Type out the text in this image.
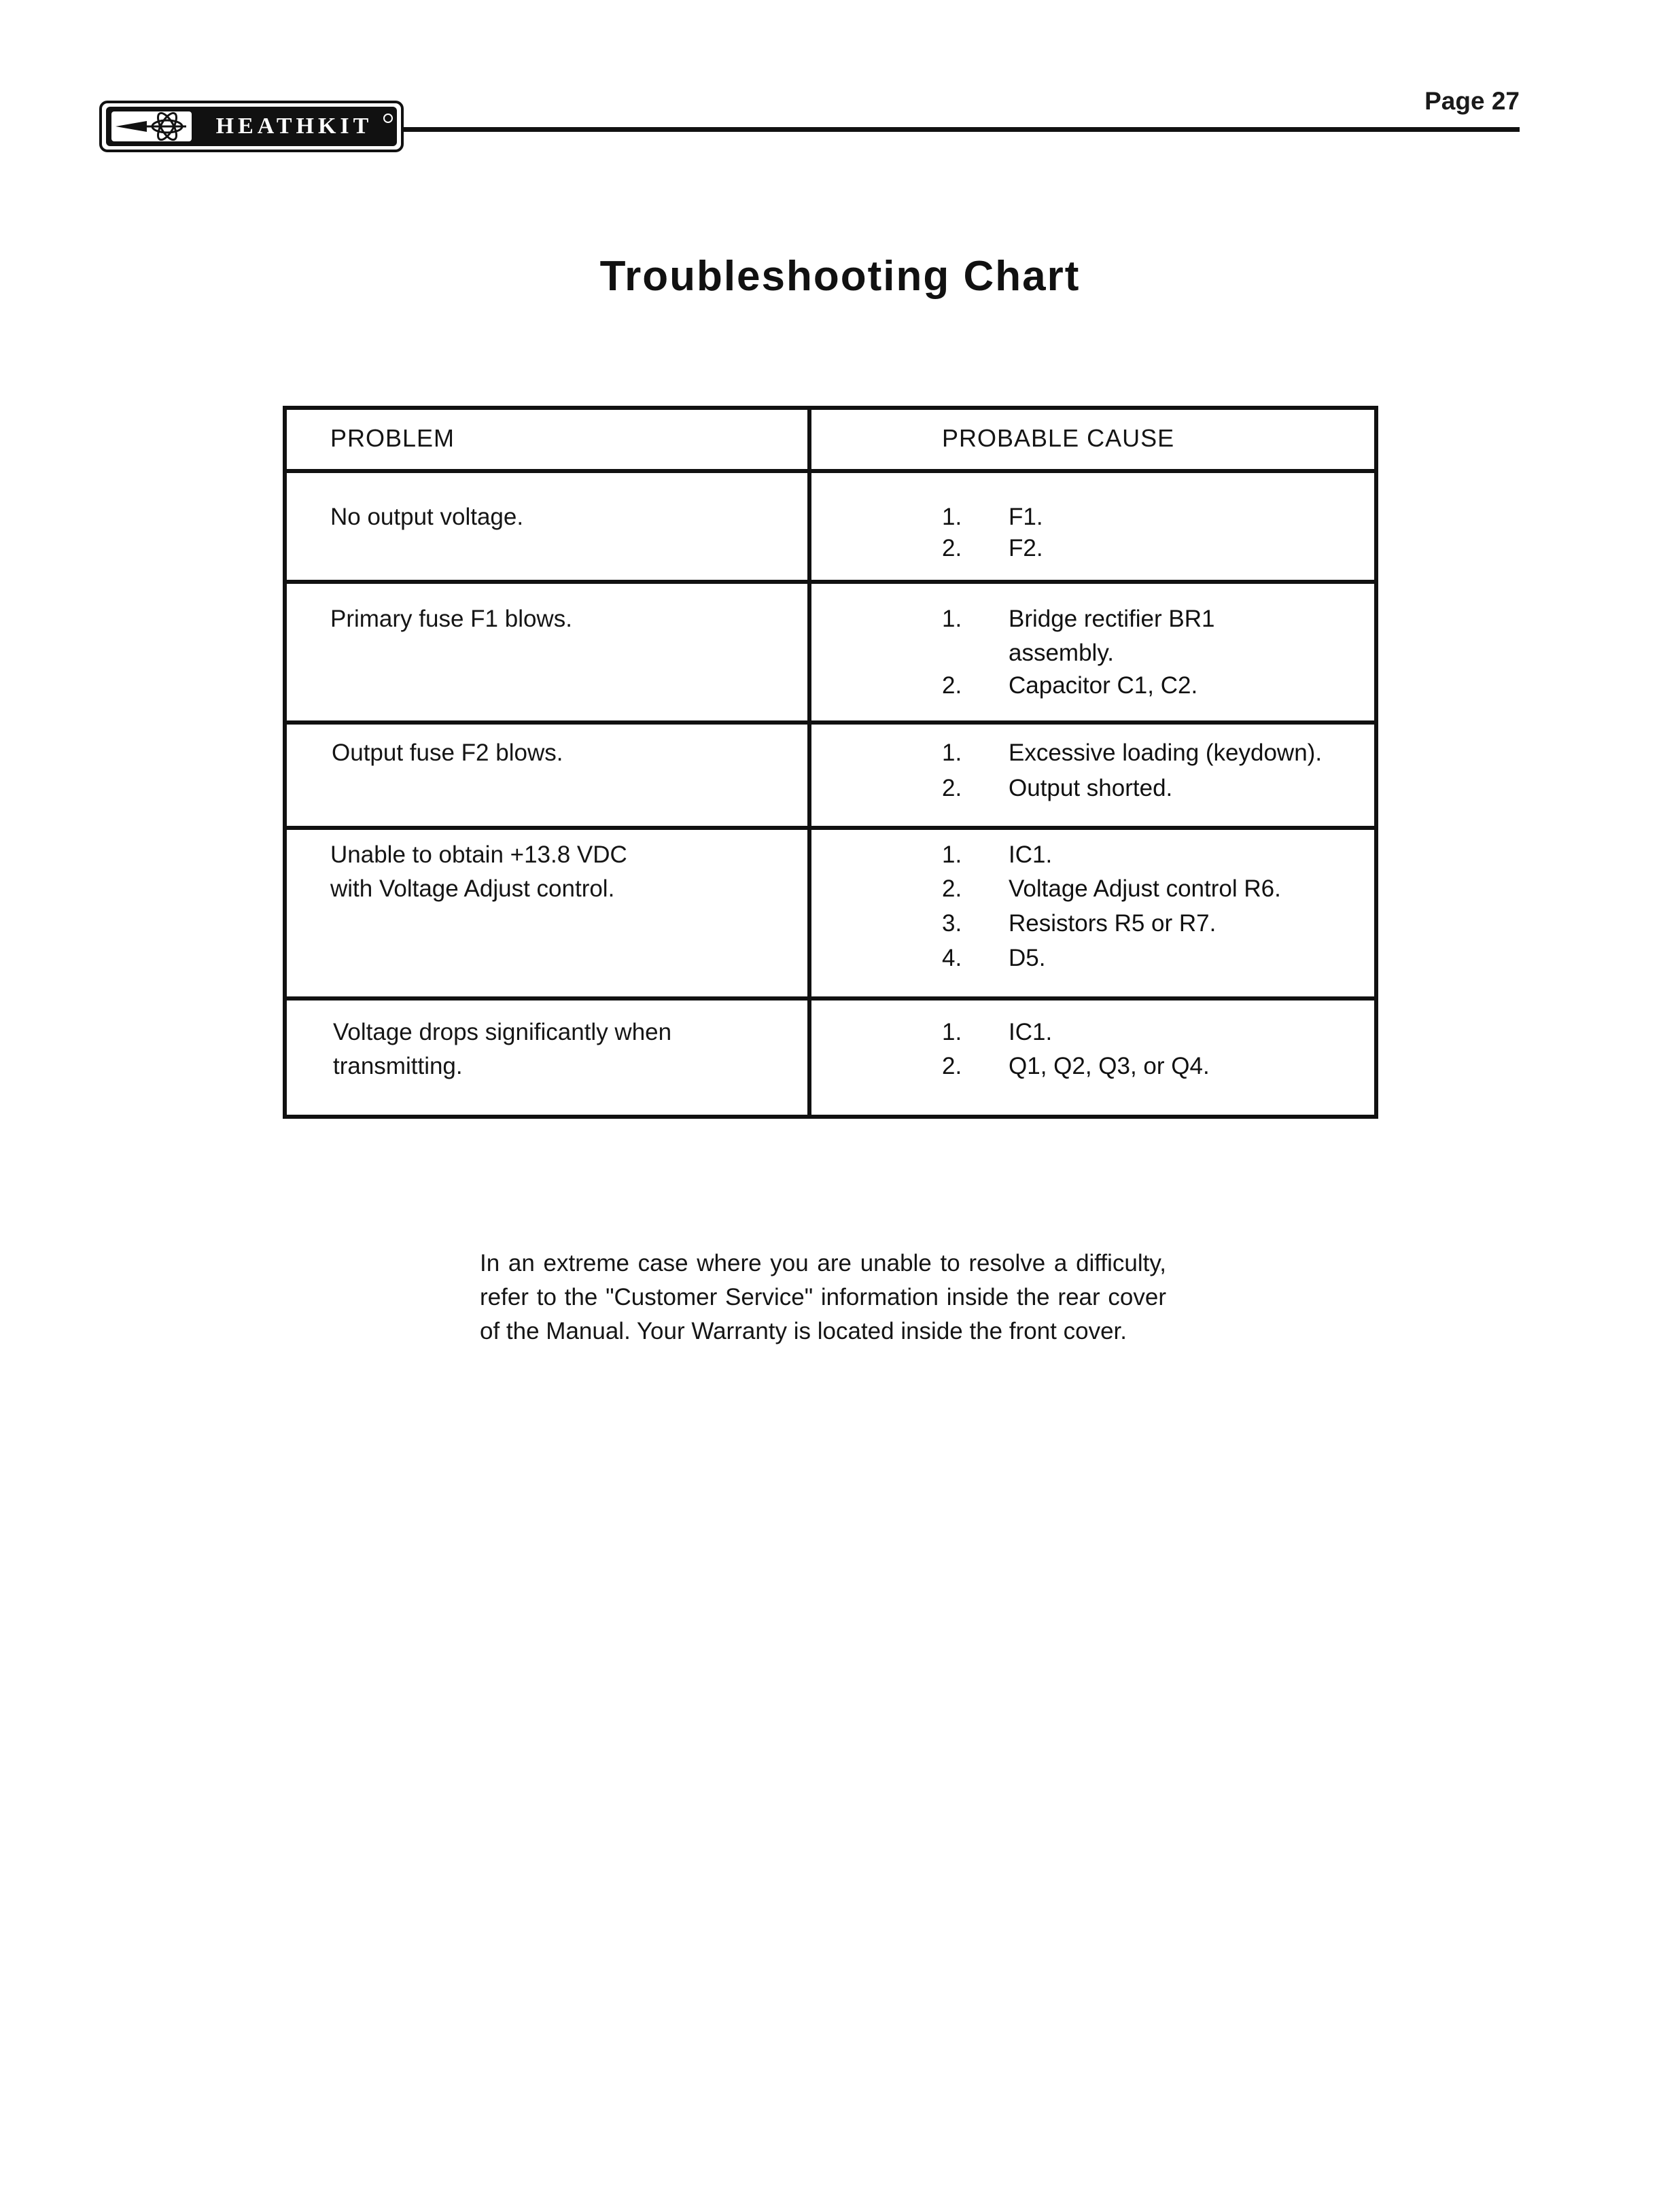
HEATHKIT
Page 27
Troubleshooting Chart
PROBLEM	PROBABLE CAUSE
No output voltage.	1.	F1.
2.	F2.
Primary fuse F1 blows.	1.	Bridge rectifier BR1 assembly.
2.	Capacitor C1, C2.
Output fuse F2 blows.	1.	Excessive loading (keydown).
2.	Output shorted.
Unable to obtain +13.8 VDC
with Voltage Adjust control.
1.	IC1.
2.	Voltage Adjust control R6.
3.	Resistors R5 or R7.
4.	D5.
Voltage drops significantly when
transmitting.
1.	IC1.
2.	Q1, Q2, Q3, or Q4.
In an extreme case where you are unable to resolve a difficulty, refer to the "Customer Service" information inside the rear cover of the Manual. Your Warranty is located inside the front cover.
